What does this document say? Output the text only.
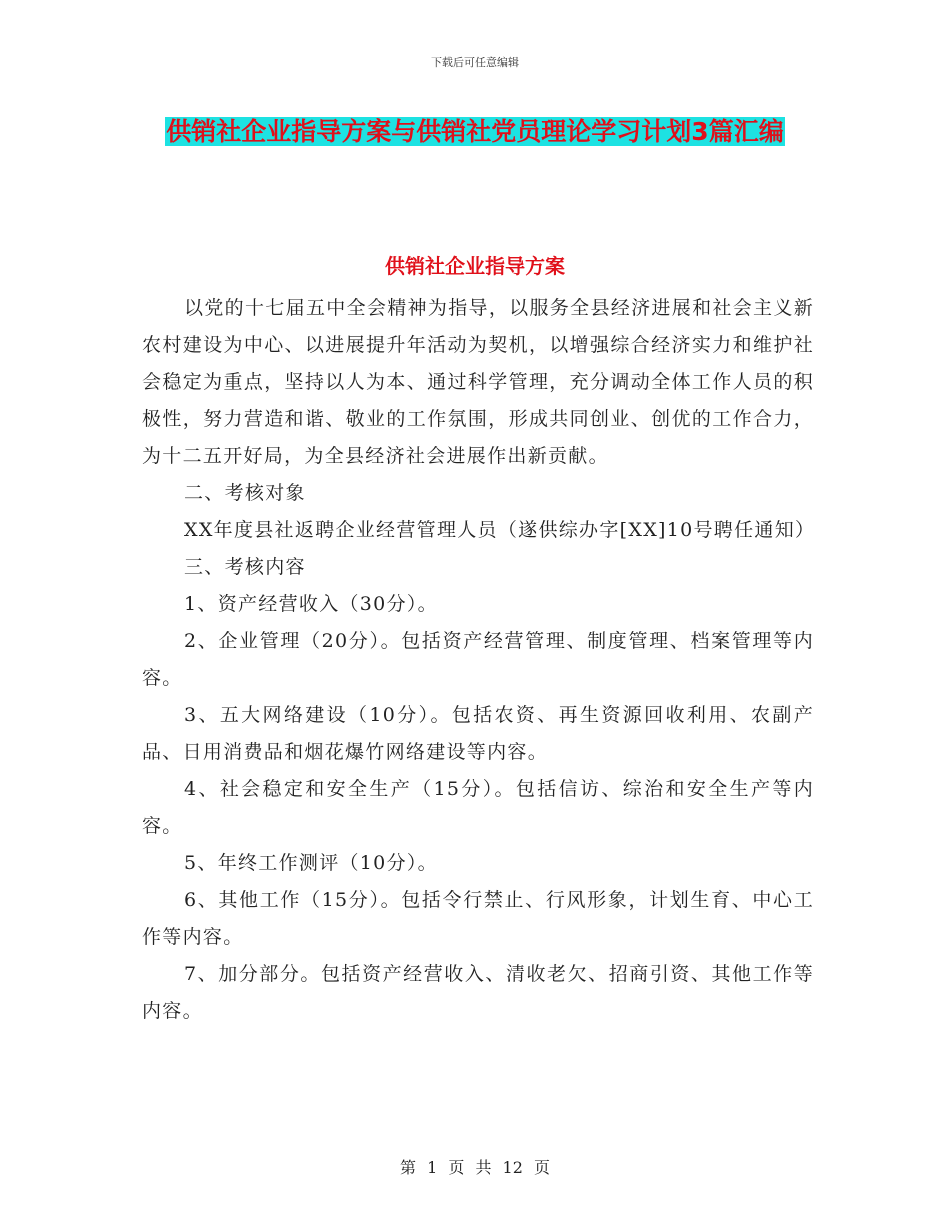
下载后可任意编辑
供销社企业指导方案与供销社党员理论学习计划3篇汇编
供销社企业指导方案

以党的十七届五中全会精神为指导，以服务全县经济进展和社会主义新农村建设为中心、以进展提升年活动为契机，以增强综合经济实力和维护社会稳定为重点，坚持以人为本、通过科学管理，充分调动全体工作人员的积极性，努力营造和谐、敬业的工作氛围，形成共同创业、创优的工作合力，为十二五开好局，为全县经济社会进展作出新贡献。

二、考核对象

XX年度县社返聘企业经营管理人员（遂供综办字[XX]10号聘任通知）

三、考核内容

1、资产经营收入（30分）。

2、企业管理（20分）。包括资产经营管理、制度管理、档案管理等内容。

3、五大网络建设（10分）。包括农资、再生资源回收利用、农副产品、日用消费品和烟花爆竹网络建设等内容。

4、社会稳定和安全生产（15分）。包括信访、综治和安全生产等内容。

5、年终工作测评（10分）。

6、其他工作（15分）。包括令行禁止、行风形象，计划生育、中心工作等内容。

7、加分部分。包括资产经营收入、清收老欠、招商引资、其他工作等内容。

第 1 页 共 12 页
